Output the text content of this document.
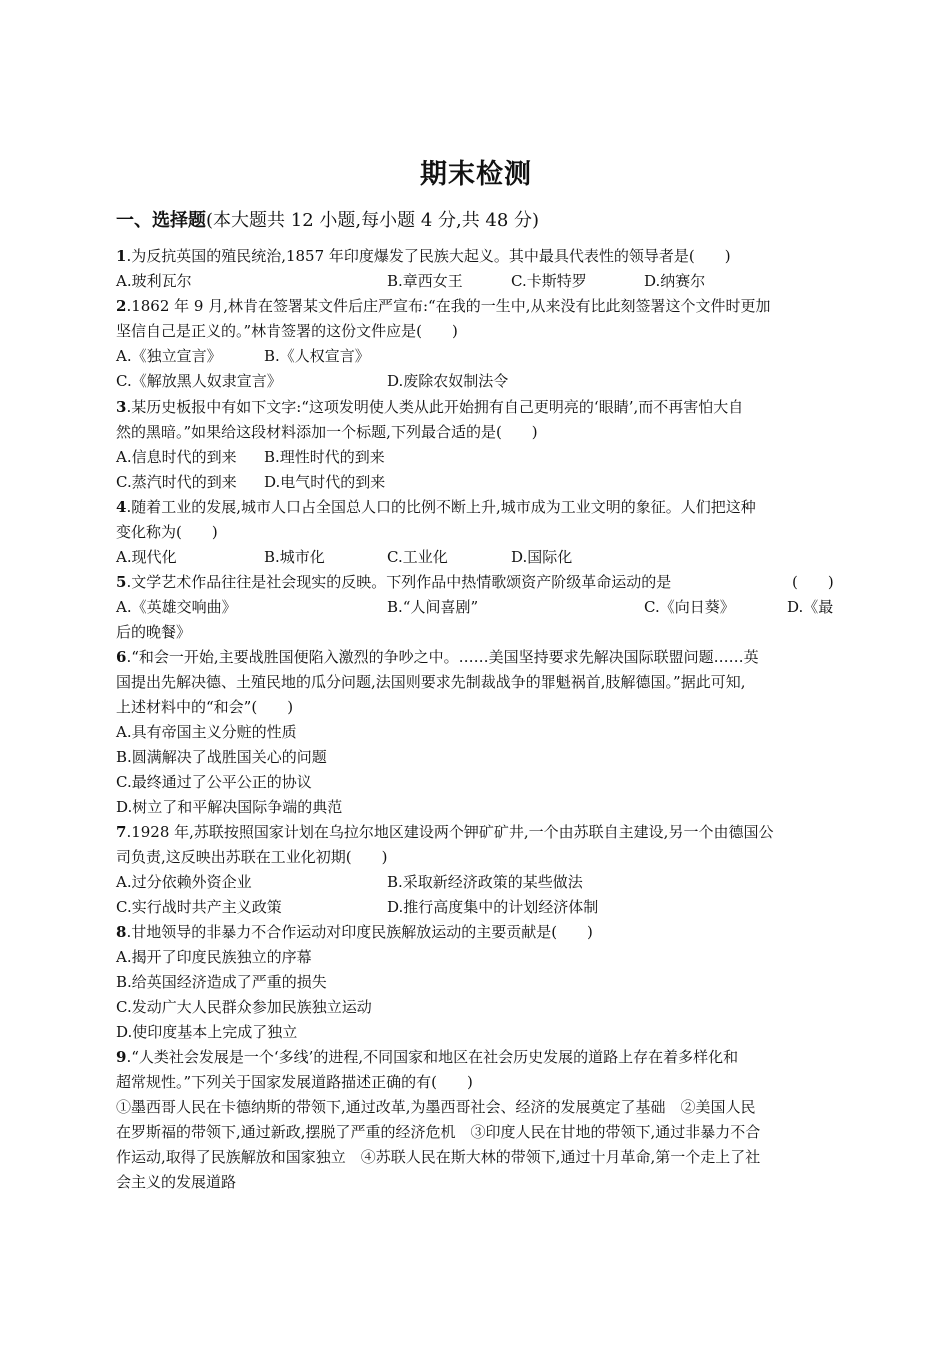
期末检测
一、选择题(本大题共 12 小题,每小题 4 分,共 48 分)
1.为反抗英国的殖民统治,1857 年印度爆发了民族大起义。其中最具代表性的领导者是(　　)
A.玻利瓦尔	B.章西女王	C.卡斯特罗	D.纳赛尔
2.1862 年 9 月,林肯在签署某文件后庄严宣布:“在我的一生中,从来没有比此刻签署这个文件时更加
坚信自己是正义的。”林肯签署的这份文件应是(　　)
A.《独立宣言》	B.《人权宣言》
C.《解放黑人奴隶宣言》	D.废除农奴制法令
3.某历史板报中有如下文字:“这项发明使人类从此开始拥有自己更明亮的‘眼睛’,而不再害怕大自
然的黑暗。”如果给这段材料添加一个标题,下列最合适的是(　　)
A.信息时代的到来 B.理性时代的到来
C.蒸汽时代的到来 D.电气时代的到来
4.随着工业的发展,城市人口占全国总人口的比例不断上升,城市成为工业文明的象征。人们把这种
变化称为(　　)
A.现代化	B.城市化	C.工业化	D.国际化
5.文学艺术作品往往是社会现实的反映。下列作品中热情歌颂资产阶级革命运动的是	(　　)
A.《英雄交响曲》	B.“人间喜剧”	C.《向日葵》	D.《最
后的晚餐》
6.“和会一开始,主要战胜国便陷入激烈的争吵之中。……美国坚持要求先解决国际联盟问题……英
国提出先解决德、土殖民地的瓜分问题,法国则要求先制裁战争的罪魁祸首,肢解德国。”据此可知,
上述材料中的“和会”(　　)
A.具有帝国主义分赃的性质
B.圆满解决了战胜国关心的问题
C.最终通过了公平公正的协议
D.树立了和平解决国际争端的典范
7.1928 年,苏联按照国家计划在乌拉尔地区建设两个钾矿矿井,一个由苏联自主建设,另一个由德国公
司负责,这反映出苏联在工业化初期(　　)
A.过分依赖外资企业	B.采取新经济政策的某些做法
C.实行战时共产主义政策	D.推行高度集中的计划经济体制
8.甘地领导的非暴力不合作运动对印度民族解放运动的主要贡献是(　　)
A.揭开了印度民族独立的序幕
B.给英国经济造成了严重的损失
C.发动广大人民群众参加民族独立运动
D.使印度基本上完成了独立
9.“人类社会发展是一个‘多线’的进程,不同国家和地区在社会历史发展的道路上存在着多样化和
超常规性。”下列关于国家发展道路描述正确的有(　　)
①墨西哥人民在卡德纳斯的带领下,通过改革,为墨西哥社会、经济的发展奠定了基础　②美国人民
在罗斯福的带领下,通过新政,摆脱了严重的经济危机　③印度人民在甘地的带领下,通过非暴力不合
作运动,取得了民族解放和国家独立　④苏联人民在斯大林的带领下,通过十月革命,第一个走上了社
会主义的发展道路
